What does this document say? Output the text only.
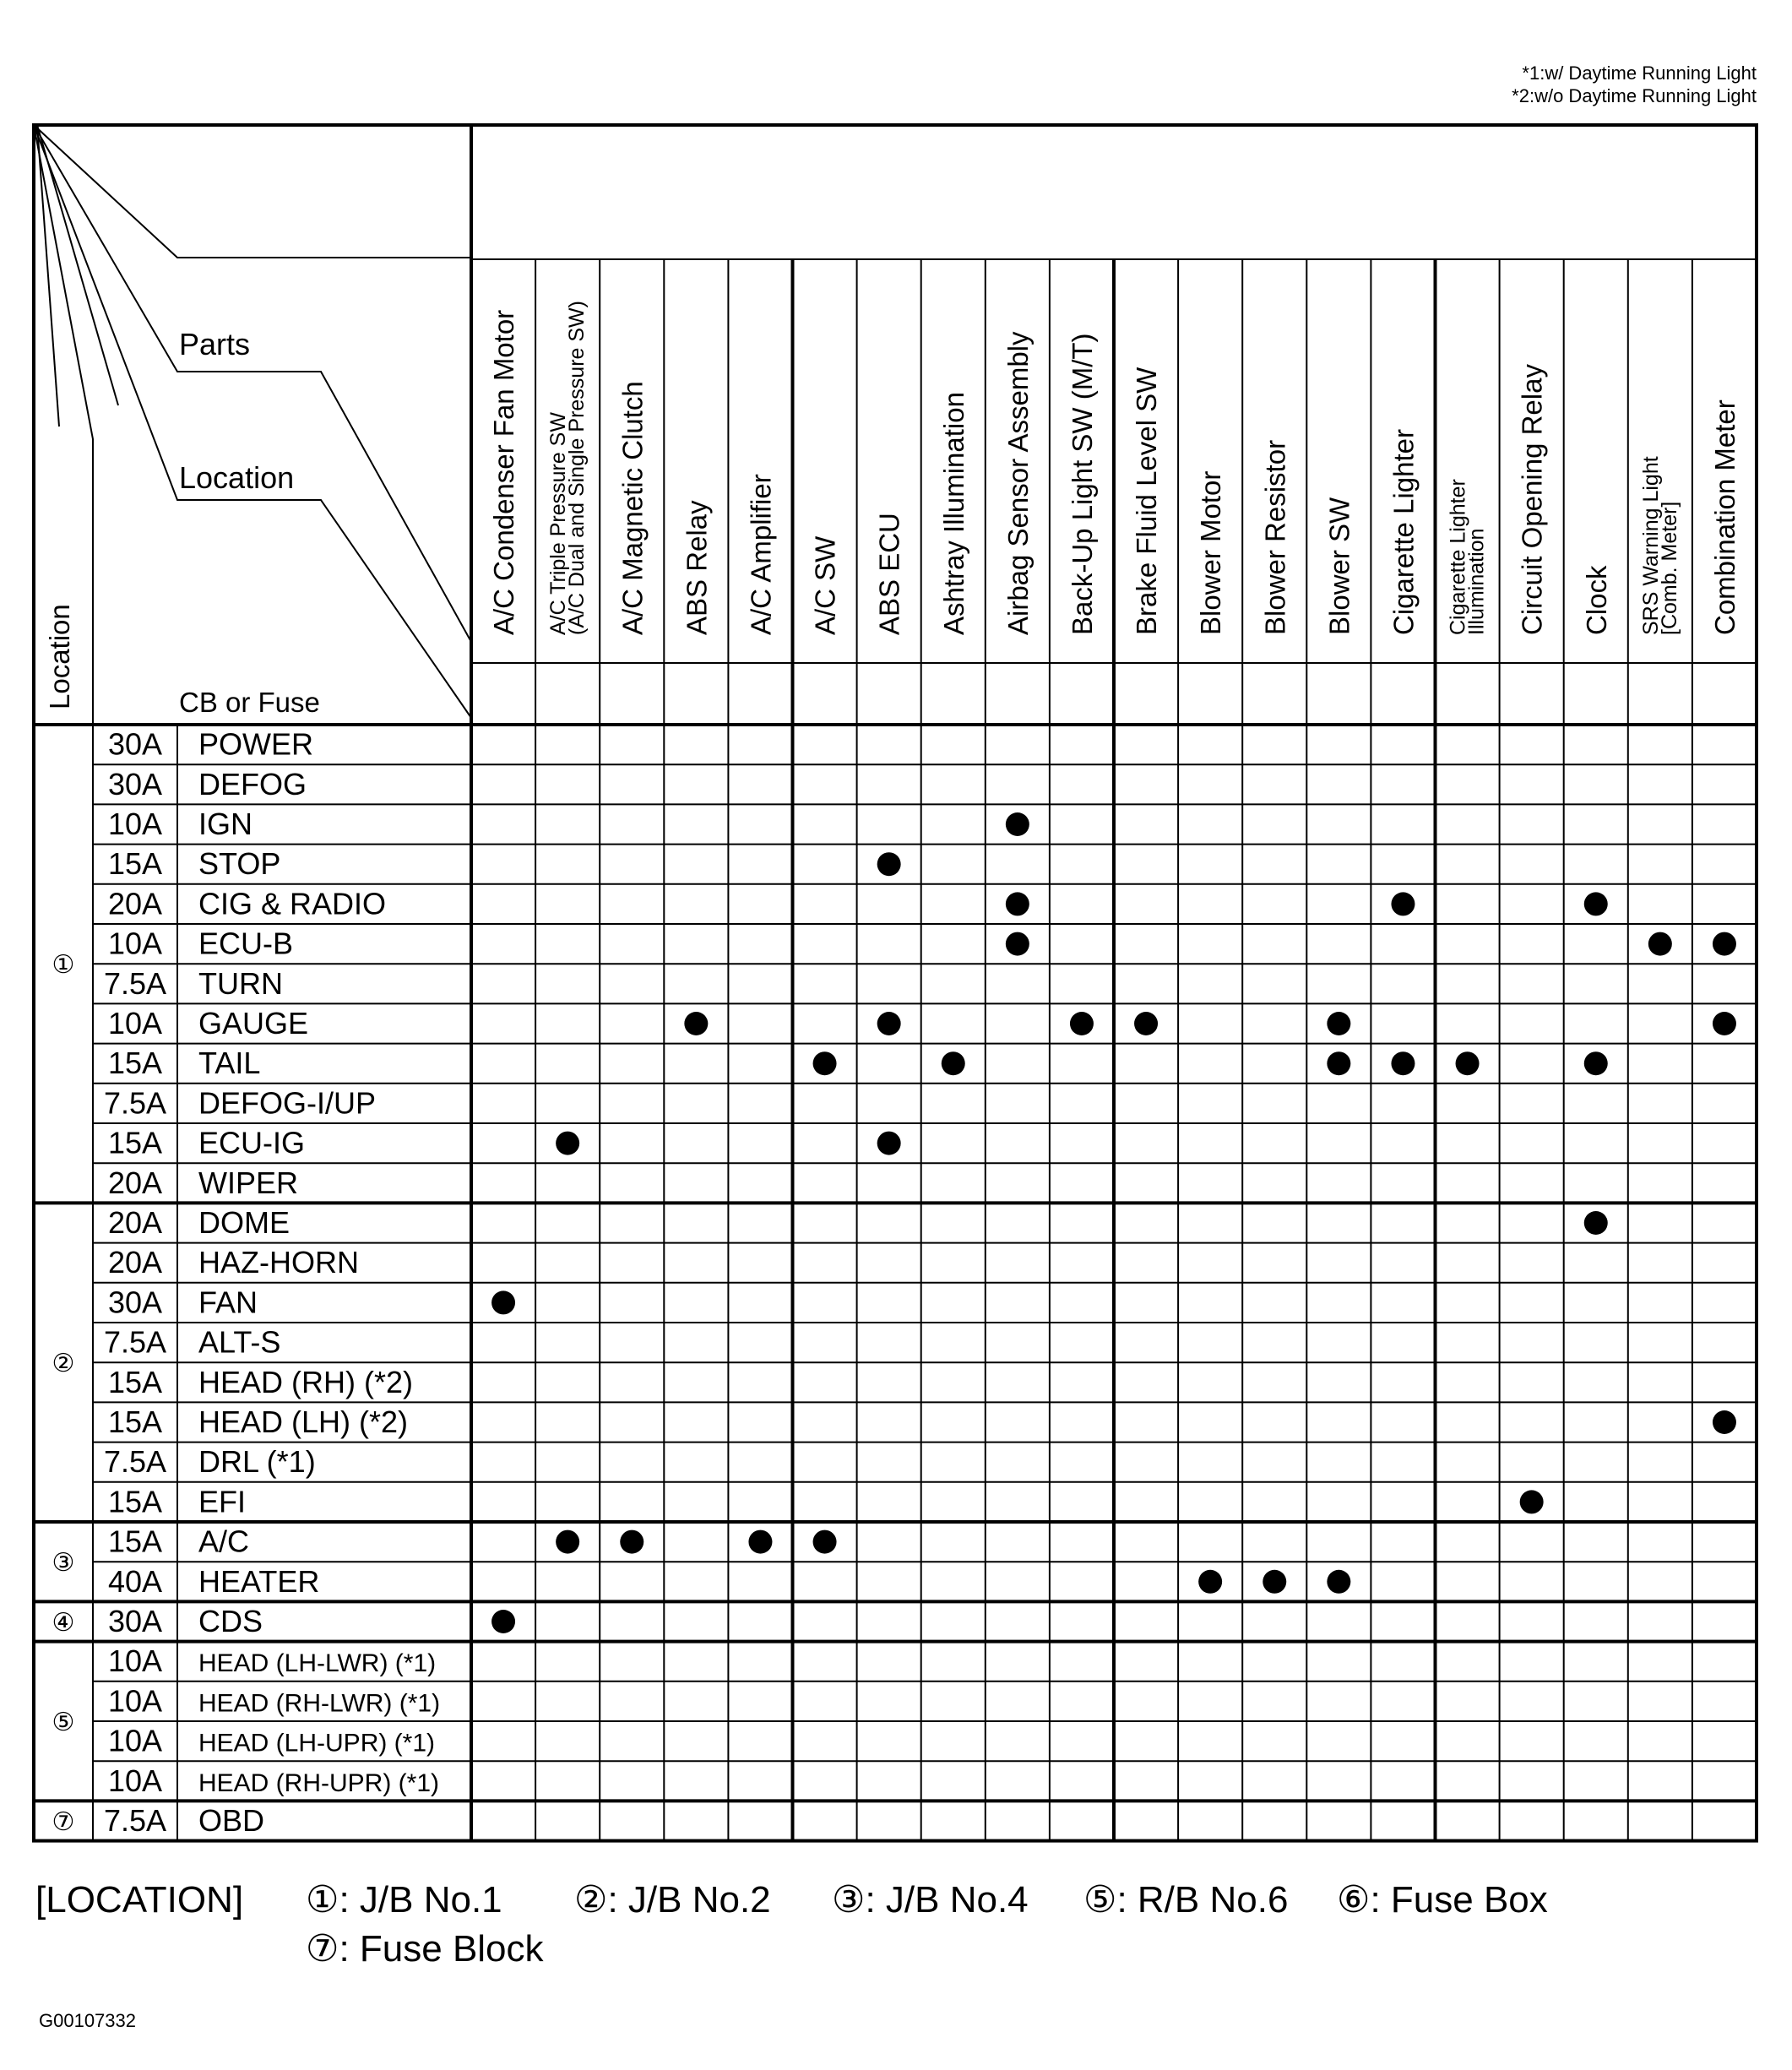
*1:w/ Daytime Running Light
*2:w/o Daytime Running Light
Parts
Location
CB or Fuse
Location
A/C Condenser Fan Motor A/C Triple Pressure SW
(A/C Dual and Single Pressure SW) A/C Magnetic Clutch ABS Relay A/C Amplifier A/C SW ABS ECU Ashtray Illumination Airbag Sensor Assembly Back-Up Light SW (M/T) Brake Fluid Level SW Blower Motor Blower Resistor Blower SW Cigarette Lighter Cigarette Lighter
Illumination Circuit Opening Relay Clock SRS Warning Light
[Comb. Meter] Combination Meter
①
30A POWER
30A DEFOG
10A IGN
15A STOP
20A CIG & RADIO
10A ECU-B
7.5A TURN
10A GAUGE
15A TAIL
7.5A DEFOG-I/UP
15A ECU-IG
20A WIPER
②
20A DOME
20A HAZ-HORN
30A FAN
7.5A ALT-S
15A HEAD (RH) (*2)
15A HEAD (LH) (*2)
7.5A DRL (*1)
15A EFI
③
15A A/C
40A HEATER
④ 30A CDS
⑤
10A HEAD (LH-LWR) (*1)
10A HEAD (RH-LWR) (*1)
10A HEAD (LH-UPR) (*1)
10A HEAD (RH-UPR) (*1)
⑦ 7.5A OBD
[LOCATION] ①: J/B No.1 ②: J/B No.2 ③: J/B No.4 ⑤: R/B No.6 ⑥: Fuse Box
⑦: Fuse Block
G00107332
